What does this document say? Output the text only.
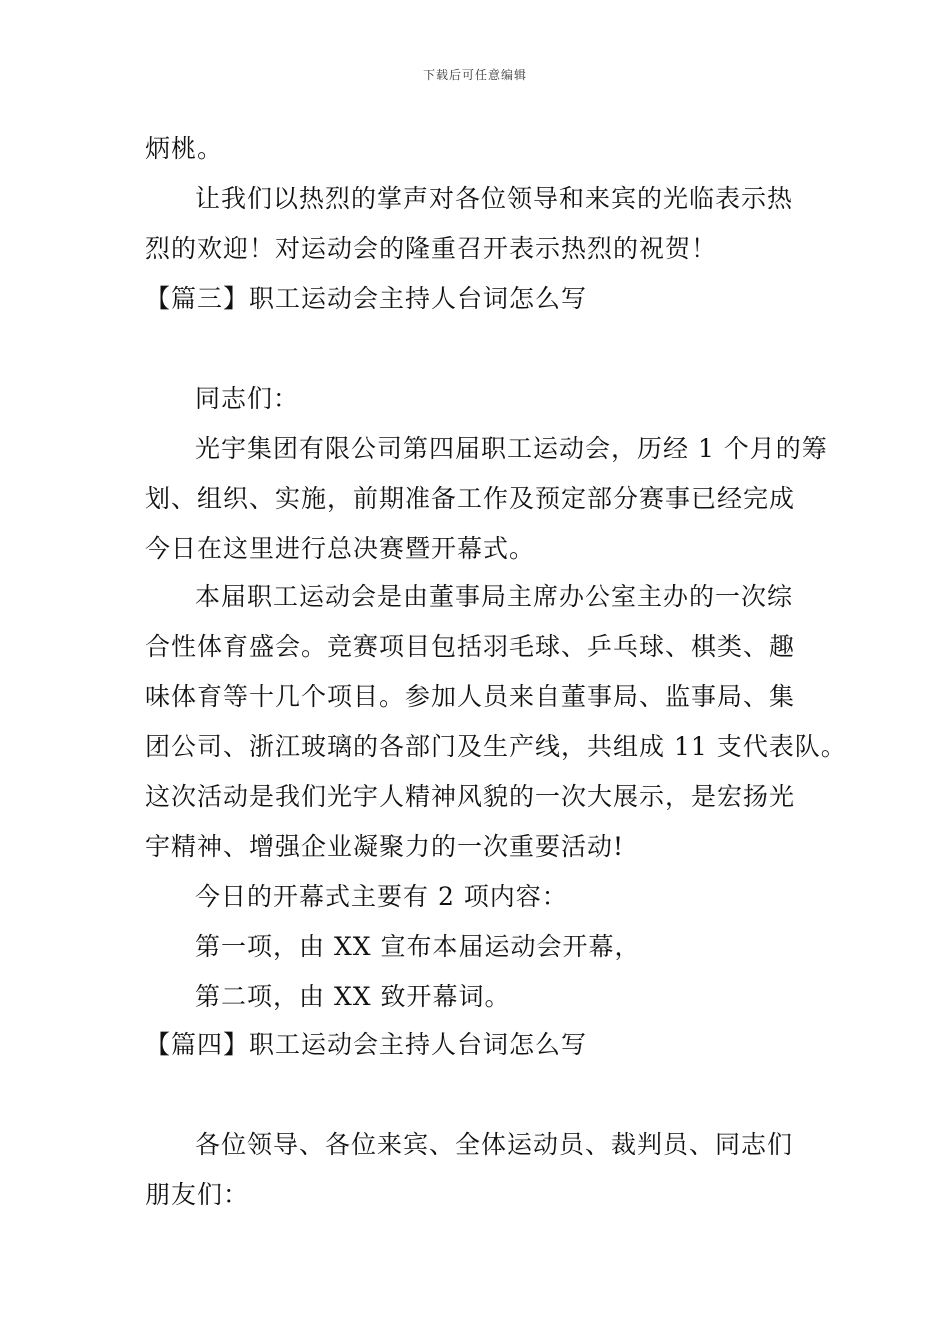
下载后可任意编辑
炳桃。
让我们以热烈的掌声对各位领导和来宾的光临表示热
烈的欢迎！对运动会的隆重召开表示热烈的祝贺！
【篇三】职工运动会主持人台词怎么写
同志们：
光宇集团有限公司第四届职工运动会，历经 1 个月的筹
划、组织、实施，前期准备工作及预定部分赛事已经完成
今日在这里进行总决赛暨开幕式。
本届职工运动会是由董事局主席办公室主办的一次综
合性体育盛会。竞赛项目包括羽毛球、乒乓球、棋类、趣
味体育等十几个项目。参加人员来自董事局、监事局、集
团公司、浙江玻璃的各部门及生产线，共组成 11 支代表队。
这次活动是我们光宇人精神风貌的一次大展示，是宏扬光
宇精神、增强企业凝聚力的一次重要活动!
今日的开幕式主要有 2 项内容：
第一项，由 XX 宣布本届运动会开幕，
第二项，由 XX 致开幕词。
【篇四】职工运动会主持人台词怎么写
各位领导、各位来宾、全体运动员、裁判员、同志们
朋友们：
